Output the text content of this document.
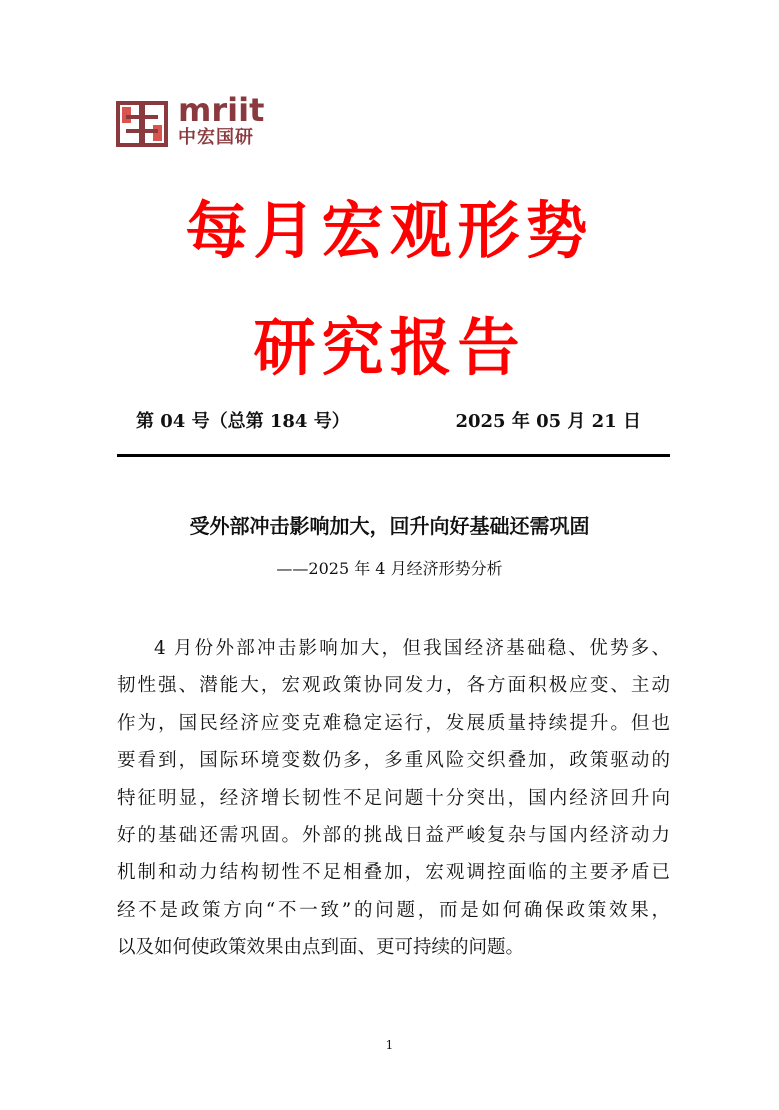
mriit
中宏国研
每月宏观形势
研究报告
第 04 号（总第 184 号）	2025 年 05 月 21 日
受外部冲击影响加大，回升向好基础还需巩固
——2025 年 4 月经济形势分析
4 月份外部冲击影响加大，但我国经济基础稳、优势多、
韧性强、潜能大，宏观政策协同发力，各方面积极应变、主动
作为，国民经济应变克难稳定运行，发展质量持续提升。但也
要看到，国际环境变数仍多，多重风险交织叠加，政策驱动的
特征明显，经济增长韧性不足问题十分突出，国内经济回升向
好的基础还需巩固。外部的挑战日益严峻复杂与国内经济动力
机制和动力结构韧性不足相叠加，宏观调控面临的主要矛盾已
经不是政策方向“不一致”的问题，而是如何确保政策效果，
以及如何使政策效果由点到面、更可持续的问题。
1
